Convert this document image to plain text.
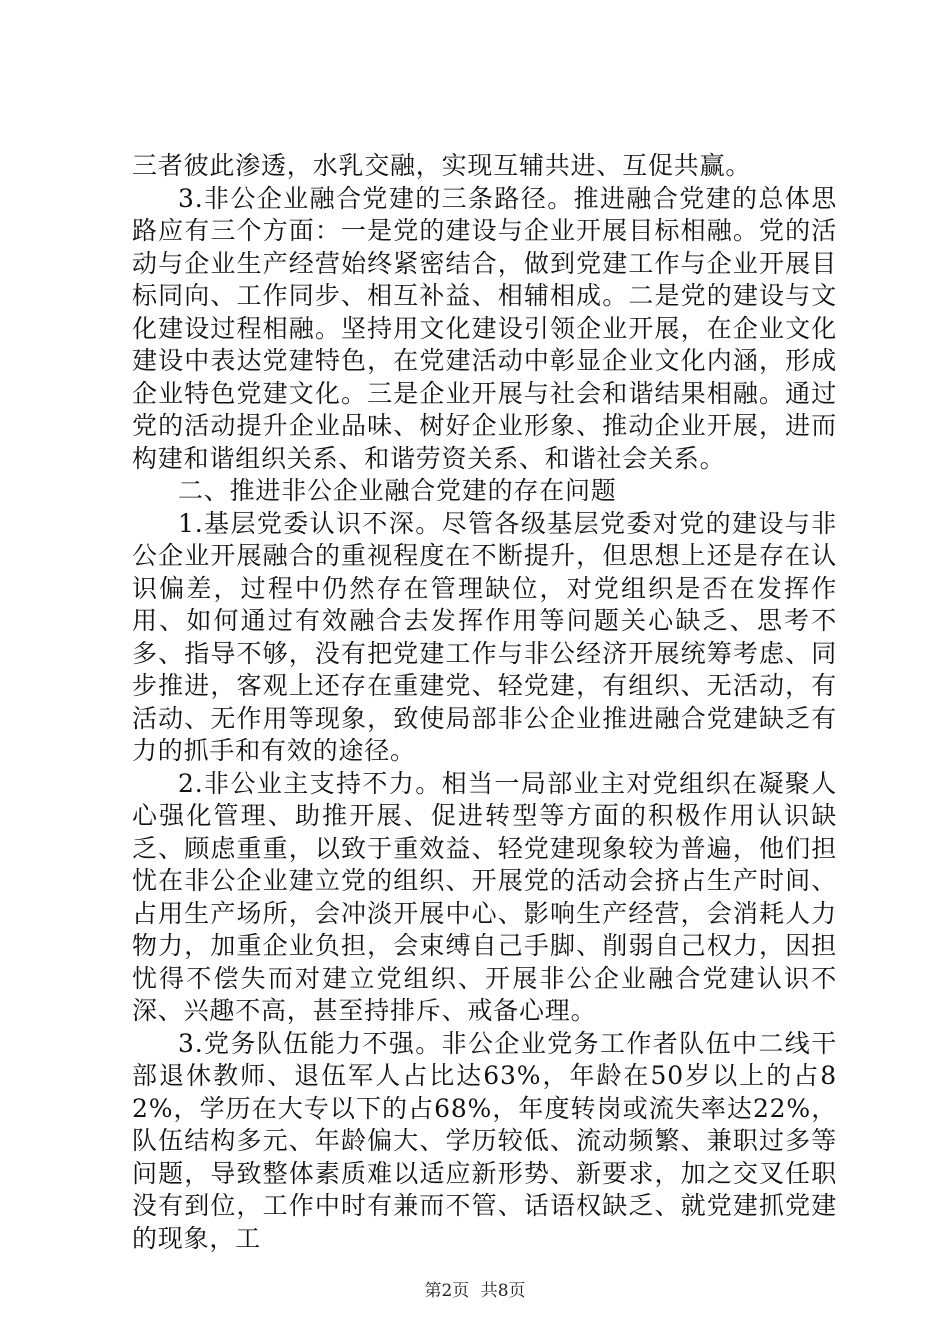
三者彼此渗透，水乳交融，实现互辅共进、互促共赢。

3.非公企业融合党建的三条路径。推进融合党建的总体思路应有三个方面：一是党的建设与企业开展目标相融。党的活动与企业生产经营始终紧密结合，做到党建工作与企业开展目标同向、工作同步、相互补益、相辅相成。二是党的建设与文化建设过程相融。坚持用文化建设引领企业开展，在企业文化建设中表达党建特色，在党建活动中彰显企业文化内涵，形成企业特色党建文化。三是企业开展与社会和谐结果相融。通过党的活动提升企业品味、树好企业形象、推动企业开展，进而构建和谐组织关系、和谐劳资关系、和谐社会关系。

二、推进非公企业融合党建的存在问题

1.基层党委认识不深。尽管各级基层党委对党的建设与非公企业开展融合的重视程度在不断提升，但思想上还是存在认识偏差，过程中仍然存在管理缺位，对党组织是否在发挥作用、如何通过有效融合去发挥作用等问题关心缺乏、思考不多、指导不够，没有把党建工作与非公经济开展统筹考虑、同步推进，客观上还存在重建党、轻党建，有组织、无活动，有活动、无作用等现象，致使局部非公企业推进融合党建缺乏有力的抓手和有效的途径。

2.非公业主支持不力。相当一局部业主对党组织在凝聚人心强化管理、助推开展、促进转型等方面的积极作用认识缺乏、顾虑重重，以致于重效益、轻党建现象较为普遍，他们担忧在非公企业建立党的组织、开展党的活动会挤占生产时间、占用生产场所，会冲淡开展中心、影响生产经营，会消耗人力物力，加重企业负担，会束缚自己手脚、削弱自己权力，因担忧得不偿失而对建立党组织、开展非公企业融合党建认识不深、兴趣不高，甚至持排斥、戒备心理。

3.党务队伍能力不强。非公企业党务工作者队伍中二线干部退休教师、退伍军人占比达63%，年龄在50岁以上的占82%，学历在大专以下的占68%，年度转岗或流失率达22%，队伍结构多元、年龄偏大、学历较低、流动频繁、兼职过多等问题，导致整体素质难以适应新形势、新要求，加之交叉任职没有到位，工作中时有兼而不管、话语权缺乏、就党建抓党建的现象，工

第2页 共8页
